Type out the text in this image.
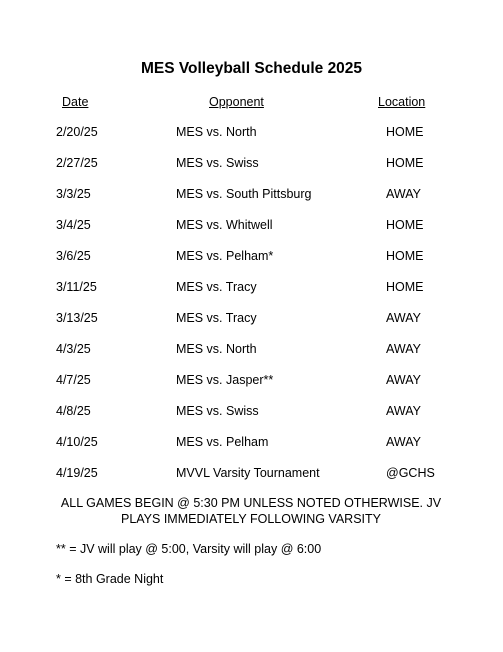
MES Volleyball Schedule 2025
Date	Opponent	Location
2/20/25	MES vs. North	HOME
2/27/25	MES vs. Swiss	HOME
3/3/25	MES vs. South Pittsburg	AWAY
3/4/25	MES vs. Whitwell	HOME
3/6/25	MES vs. Pelham*	HOME
3/11/25	MES vs. Tracy	HOME
3/13/25	MES vs. Tracy	AWAY
4/3/25	MES vs. North	AWAY
4/7/25	MES vs. Jasper**	AWAY
4/8/25	MES vs. Swiss	AWAY
4/10/25	MES vs. Pelham	AWAY
4/19/25	MVVL Varsity Tournament	@GCHS
ALL GAMES BEGIN @ 5:30 PM UNLESS NOTED OTHERWISE. JV PLAYS IMMEDIATELY FOLLOWING VARSITY
** = JV will play @ 5:00, Varsity will play @ 6:00
* = 8th Grade Night
